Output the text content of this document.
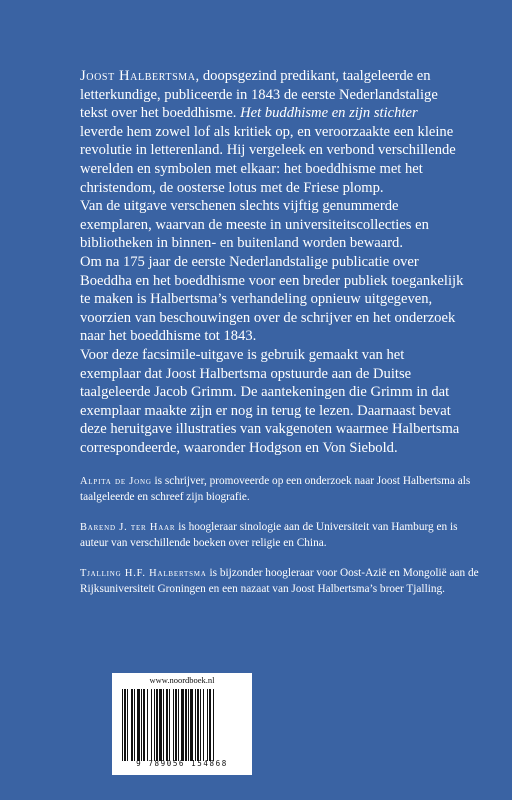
Joost Halbertsma, doopsgezind predikant, taalgeleerde en letterkundige, publiceerde in 1843 de eerste Nederlandstalige tekst over het boeddhisme. Het buddhisme en zijn stichter leverde hem zowel lof als kritiek op, en veroorzaakte een kleine revolutie in letterenland. Hij vergeleek en verbond verschillende werelden en symbolen met elkaar: het boeddhisme met het christendom, de oosterse lotus met de Friese plomp.

Van de uitgave verschenen slechts vijftig genummerde exemplaren, waarvan de meeste in universiteitscollecties en bibliotheken in binnen- en buitenland worden bewaard.

Om na 175 jaar de eerste Nederlandstalige publicatie over Boeddha en het boeddhisme voor een breder publiek toegankelijk te maken is Halbertsma’s verhandeling opnieuw uitgegeven, voorzien van beschouwingen over de schrijver en het onderzoek naar het boeddhisme tot 1843.

Voor deze facsimile-uitgave is gebruik gemaakt van het exemplaar dat Joost Halbertsma opstuurde aan de Duitse taalgeleerde Jacob Grimm. De aantekeningen die Grimm in dat exemplaar maakte zijn er nog in terug te lezen. Daarnaast bevat deze heruitgave illustraties van vakgenoten waarmee Halbertsma correspondeerde, waaronder Hodgson en Von Siebold.

Alpita de Jong is schrijver, promoveerde op een onderzoek naar Joost Halbertsma als taalgeleerde en schreef zijn biografie.

Barend J. ter Haar is hoogleraar sinologie aan de Universiteit van Hamburg en is auteur van verschillende boeken over religie en China.

Tjalling H.F. Halbertsma is bijzonder hoogleraar voor Oost-Azië en Mongolië aan de Rijksuniversiteit Groningen en een nazaat van Joost Halbertsma’s broer Tjalling.

www.noordboek.nl
9 789056 154868
